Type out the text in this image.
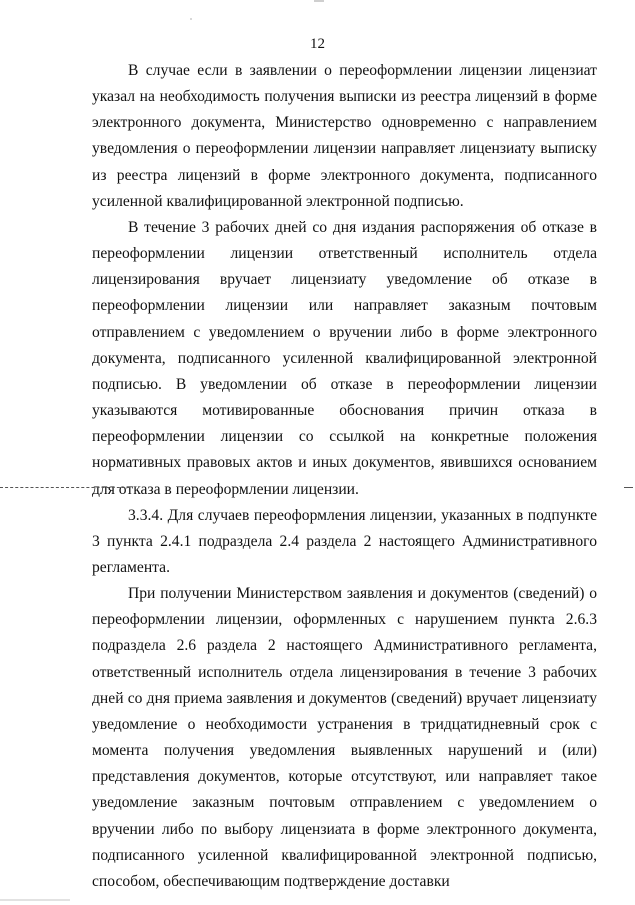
12

В случае если в заявлении о переоформлении лицензии лицензиат указал на необходимость получения выписки из реестра лицензий в форме электронного документа, Министерство одновременно с направлением уведомления о переоформлении лицензии направляет лицензиату выписку из реестра лицензий в форме электронного документа, подписанного усиленной квалифицированной электронной подписью.

В течение 3 рабочих дней со дня издания распоряжения об отказе в переоформлении лицензии ответственный исполнитель отдела лицензирования вручает лицензиату уведомление об отказе в переоформлении лицензии или направляет заказным почтовым отправлением с уведомлением о вручении либо в форме электронного документа, подписанного усиленной квалифицированной электронной подписью. В уведомлении об отказе в переоформлении лицензии указываются мотивированные обоснования причин отказа в переоформлении лицензии со ссылкой на конкретные положения нормативных правовых актов и иных документов, явившихся основанием для отказа в переоформлении лицензии.

3.3.4. Для случаев переоформления лицензии, указанных в подпункте 3 пункта 2.4.1 подраздела 2.4 раздела 2 настоящего Административного регламента.

При получении Министерством заявления и документов (сведений) о переоформлении лицензии, оформленных с нарушением пункта 2.6.3 подраздела 2.6 раздела 2 настоящего Административного регламента, ответственный исполнитель отдела лицензирования в течение 3 рабочих дней со дня приема заявления и документов (сведений) вручает лицензиату уведомление о необходимости устранения в тридцатидневный срок с момента получения уведомления выявленных нарушений и (или) представления документов, которые отсутствуют, или направляет такое уведомление заказным почтовым отправлением с уведомлением о вручении либо по выбору лицензиата в форме электронного документа, подписанного усиленной квалифицированной электронной подписью, способом, обеспечивающим подтверждение доставки
